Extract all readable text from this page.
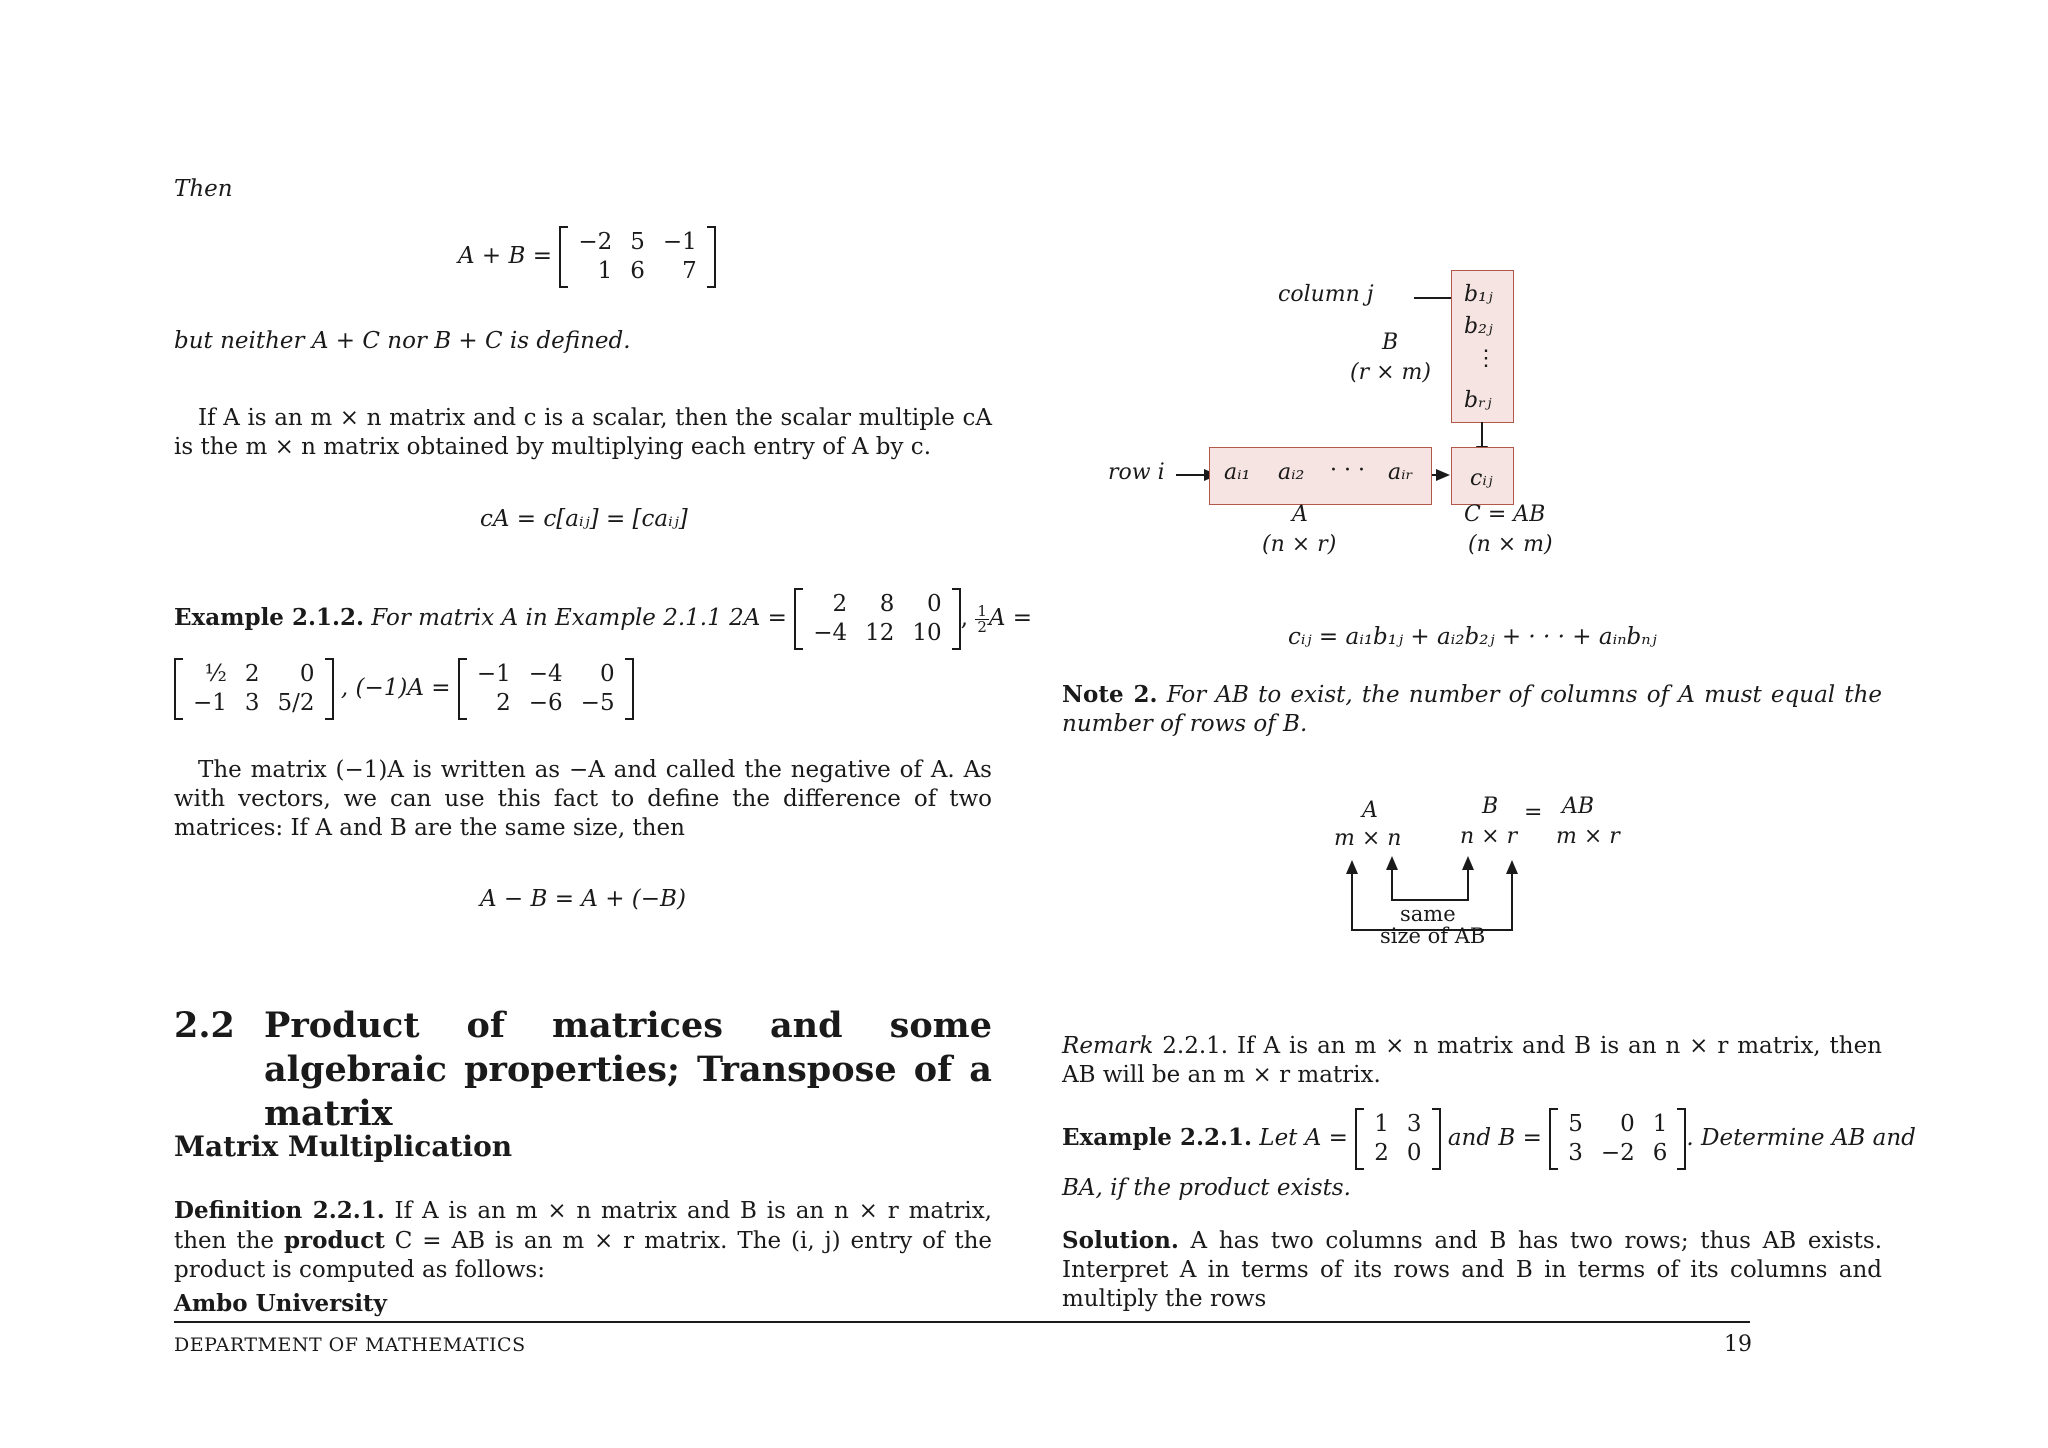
Then
A + B =
−2	5	−1
1	6	7
but neither A + C nor B + C is defined.
If A is an m × n matrix and c is a scalar, then the scalar multiple cA is the m × n matrix obtained by multiplying each entry of A by c.
cA = c[aᵢⱼ] = [caᵢⱼ]
Example 2.1.2. For matrix A in Example 2.1.1 2A =
2	8	0
−4	12	10
, $\frac{1}{2}$ A =
½	2	0
−1	3	5/2
, (−1)A =
−1	−4	0
2	−6	−5
The matrix (−1)A is written as −A and called the negative of A. As with vectors, we can use this fact to define the difference of two matrices: If A and B are the same size, then
A − B = A + (−B)
2.2 Product of matrices and some algebraic properties; Transpose of a matrix
Matrix Multiplication
Definition 2.2.1. If A is an m × n matrix and B is an n × r matrix, then the product C = AB is an m × r matrix. The (i, j) entry of the product is computed as follows:
Ambo University
column j	b₁ⱼ
b₂ⱼ
⋮
bᵣⱼ
B
(r × m)
row i	aᵢ₁ aᵢ₂ · · · aᵢᵣ	cᵢⱼ
A
(n × r)
C = AB
(n × m)
cᵢⱼ = aᵢ₁b₁ⱼ + aᵢ₂b₂ⱼ + · · · + aᵢₙbₙⱼ
Note 2. For AB to exist, the number of columns of A must equal the number of rows of B.
A	B = AB
m × n	n × r m × r
same
size of AB
Remark 2.2.1. If A is an m × n matrix and B is an n × r matrix, then AB will be an m × r matrix.
Example 2.2.1. Let A =
1	3
2	0
and B =
5	0	1
3	−2	6
. Determine AB and
BA, if the product exists.
Solution. A has two columns and B has two rows; thus AB exists. Interpret A in terms of its rows and B in terms of its columns and multiply the rows
DEPARTMENT OF MATHEMATICS	19
